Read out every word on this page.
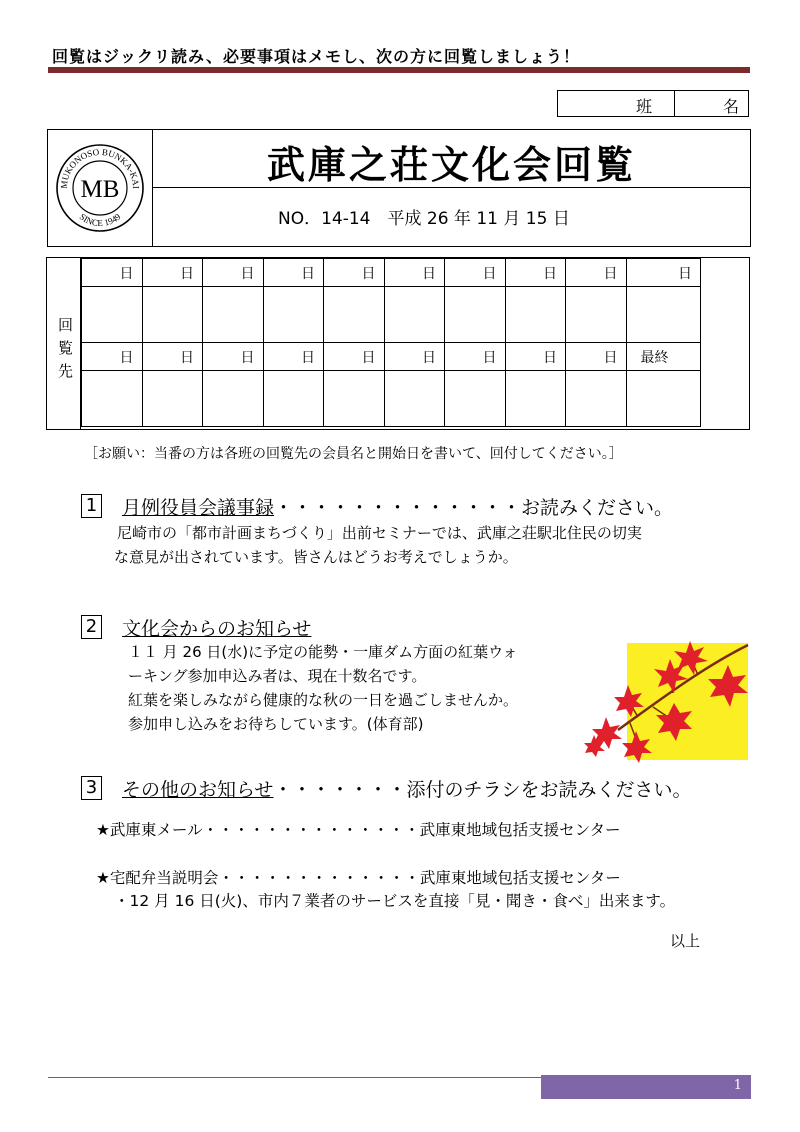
回覧はジックリ読み、必要事項はメモし、次の方に回覧しましょう！
班	名
MUKONOSO BUNKA-KAI
SINCE 1949
MB
武庫之荘文化会回覧
NO．14-14　平成 26 年 11 月 15 日
回
覧
先
日	日	日	日	日	日	日	日	日	日

日	日	日	日	日	日	日	日	日	最終

［お願い：当番の方は各班の回覧先の会員名と開始日を書いて、回付してください。］
1 月例役員会議事録・・・・・・・・・・・・・お読みください。
尼崎市の「都市計画まちづくり」出前セミナーでは、武庫之荘駅北住民の切実
な意見が出されています。皆さんはどうお考えでしょうか。
2 文化会からのお知らせ
１１ 月 26 日(水)に予定の能勢・一庫ダム方面の紅葉ウォ
ーキング参加申込み者は、現在十数名です。
紅葉を楽しみながら健康的な秋の一日を過ごしませんか。
参加申し込みをお待ちしています。(体育部)
3 その他のお知らせ・・・・・・・添付のチラシをお読みください。
★武庫東メール・・・・・・・・・・・・・・武庫東地域包括支援センター
★宅配弁当説明会・・・・・・・・・・・・・武庫東地域包括支援センター
・12 月 16 日(火)、市内７業者のサービスを直接「見・聞き・食べ」出来ます。
以上
1
